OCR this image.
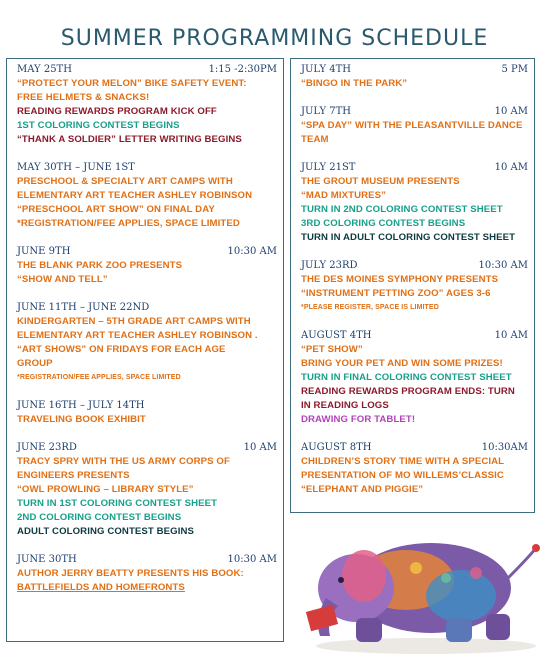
SUMMER PROGRAMMING SCHEDULE
MAY 25TH	1:15 -2:30PM
“PROTECT YOUR MELON” BIKE SAFETY EVENT:
FREE HELMETS & SNACKS!
READING REWARDS PROGRAM KICK OFF
1ST COLORING CONTEST BEGINS
“THANK A SOLDIER” LETTER WRITING BEGINS
MAY 30TH – JUNE 1ST
PRESCHOOL & SPECIALTY ART CAMPS WITH
ELEMENTARY ART TEACHER ASHLEY ROBINSON
“PRESCHOOL ART SHOW” ON FINAL DAY
*REGISTRATION/FEE APPLIES, SPACE LIMITED
JUNE 9TH	10:30 AM
THE BLANK PARK ZOO PRESENTS
“SHOW AND TELL”
JUNE 11TH – JUNE 22ND
KINDERGARTEN – 5TH GRADE ART CAMPS WITH
ELEMENTARY ART TEACHER ASHLEY ROBINSON .
“ART SHOWS” ON FRIDAYS FOR EACH AGE
GROUP
*REGISTRATION/FEE APPLIES, SPACE LIMITED
JUNE 16TH – JULY 14TH
TRAVELING BOOK EXHIBIT
JUNE 23RD	10 AM
TRACY SPRY WITH THE US ARMY CORPS OF
ENGINEERS PRESENTS
“OWL PROWLING – LIBRARY STYLE”
TURN IN 1ST COLORING CONTEST SHEET
2ND COLORING CONTEST BEGINS
ADULT COLORING CONTEST BEGINS
JUNE 30TH	10:30 AM
AUTHOR JERRY BEATTY PRESENTS HIS BOOK:
BATTLEFIELDS AND HOMEFRONTS
JULY 4TH	5 PM
“BINGO IN THE PARK”
JULY 7TH	10 AM
“SPA DAY” WITH THE PLEASANTVILLE DANCE
TEAM
JULY 21ST	10 AM
THE GROUT MUSEUM PRESENTS
“MAD MIXTURES”
TURN IN 2ND COLORING CONTEST SHEET
3RD COLORING CONTEST BEGINS
TURN IN ADULT COLORING CONTEST SHEET
JULY 23RD	10:30 AM
THE DES MOINES SYMPHONY PRESENTS
“INSTRUMENT PETTING ZOO” AGES 3-6
*PLEASE REGISTER, SPACE IS LIMITED
AUGUST 4TH	10 AM
“PET SHOW”
BRING YOUR PET AND WIN SOME PRIZES!
TURN IN FINAL COLORING CONTEST SHEET
READING REWARDS PROGRAM ENDS: TURN
IN READING LOGS
DRAWING FOR TABLET!
AUGUST 8TH	10:30AM
CHILDREN’S STORY TIME WITH A SPECIAL
PRESENTATION OF MO WILLEMS’CLASSIC
“ELEPHANT AND PIGGIE”
